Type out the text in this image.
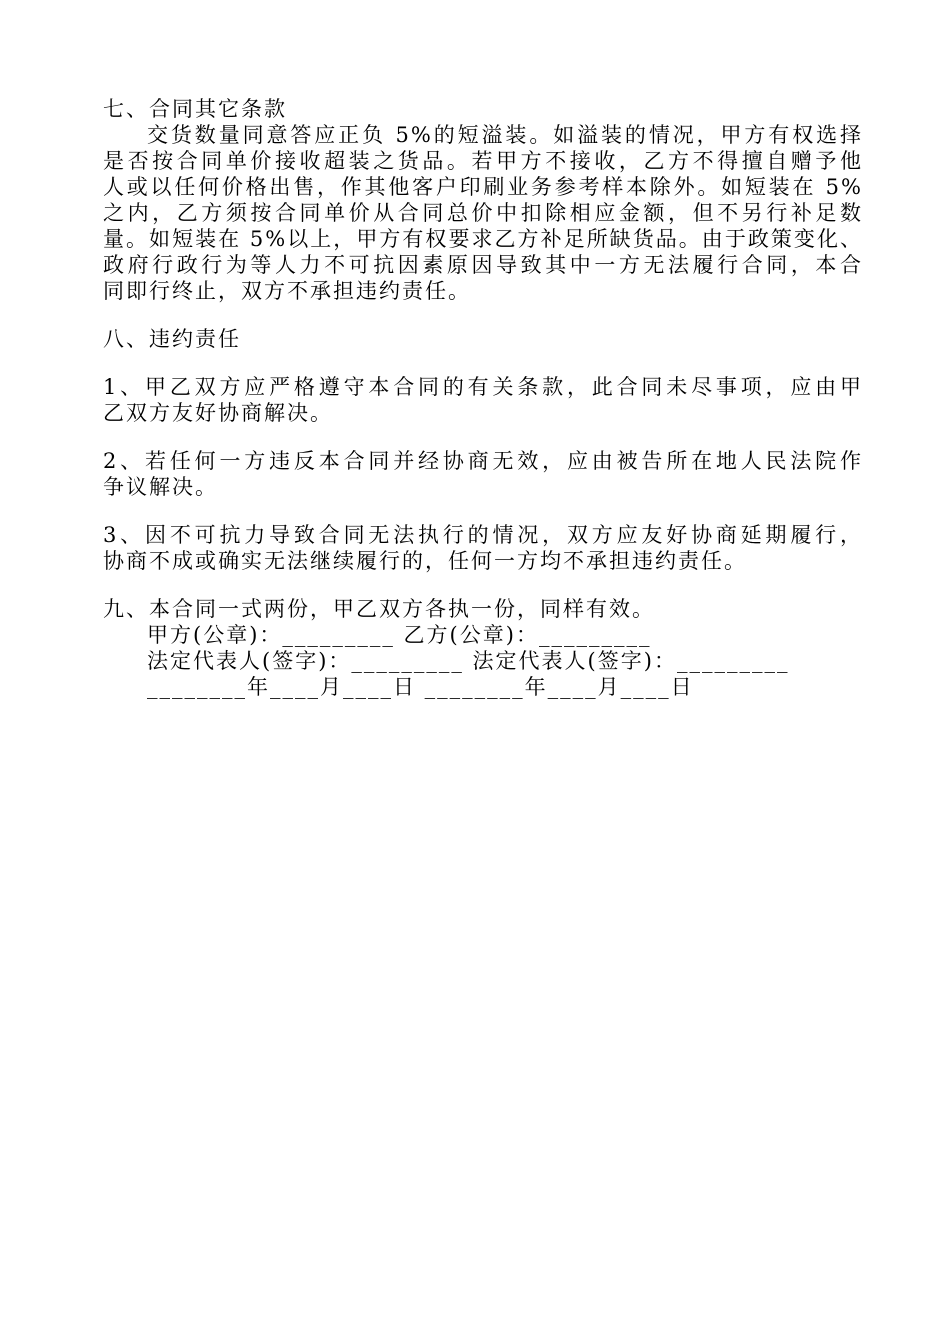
七、合同其它条款
交货数量同意答应正负 5%的短溢装。如溢装的情况，甲方有权选择
是否按合同单价接收超装之货品。若甲方不接收，乙方不得擅自赠予他
人或以任何价格出售，作其他客户印刷业务参考样本除外。如短装在 5%
之内，乙方须按合同单价从合同总价中扣除相应金额，但不另行补足数
量。如短装在 5%以上，甲方有权要求乙方补足所缺货品。由于政策变化、
政府行政行为等人力不可抗因素原因导致其中一方无法履行合同，本合
同即行终止，双方不承担违约责任。
八、违约责任
1、甲乙双方应严格遵守本合同的有关条款，此合同未尽事项，应由甲
乙双方友好协商解决。
2、若任何一方违反本合同并经协商无效，应由被告所在地人民法院作
争议解决。
3、因不可抗力导致合同无法执行的情况，双方应友好协商延期履行，
协商不成或确实无法继续履行的，任何一方均不承担违约责任。
九、本合同一式两份，甲乙双方各执一份，同样有效。
甲方(公章)：_________ 乙方(公章)：_________
法定代表人(签字)：_________ 法定代表人(签字)：_________
________年____月____日 ________年____月____日
